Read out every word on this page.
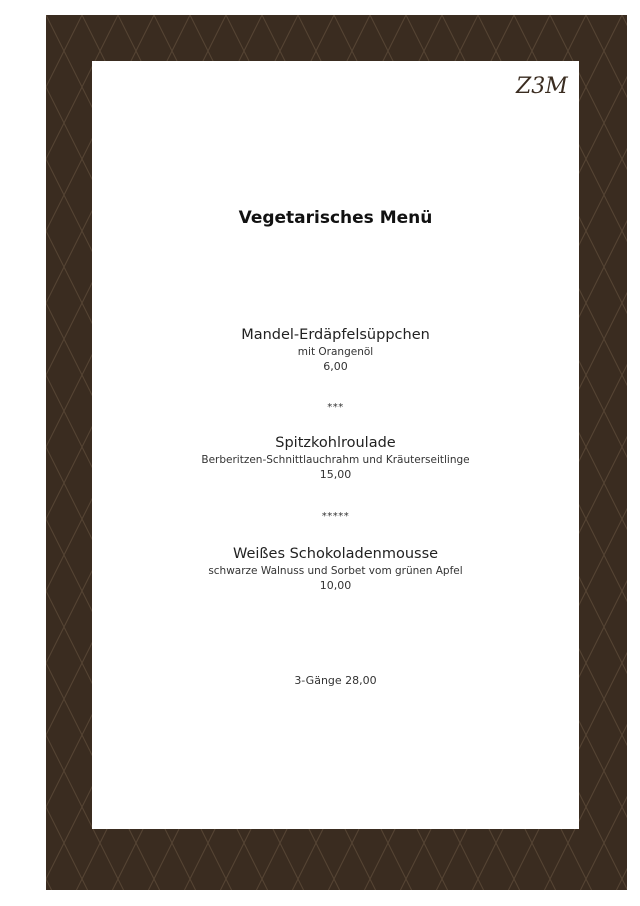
Z3M
Vegetarisches Menü
Mandel-Erdäpfelsüppchen
mit Orangenöl
6,00
***
Spitzkohlroulade
Berberitzen-Schnittlauchrahm und Kräuterseitlinge
15,00
*****
Weißes Schokoladenmousse
schwarze Walnuss und Sorbet vom grünen Apfel
10,00
3-Gänge 28,00
